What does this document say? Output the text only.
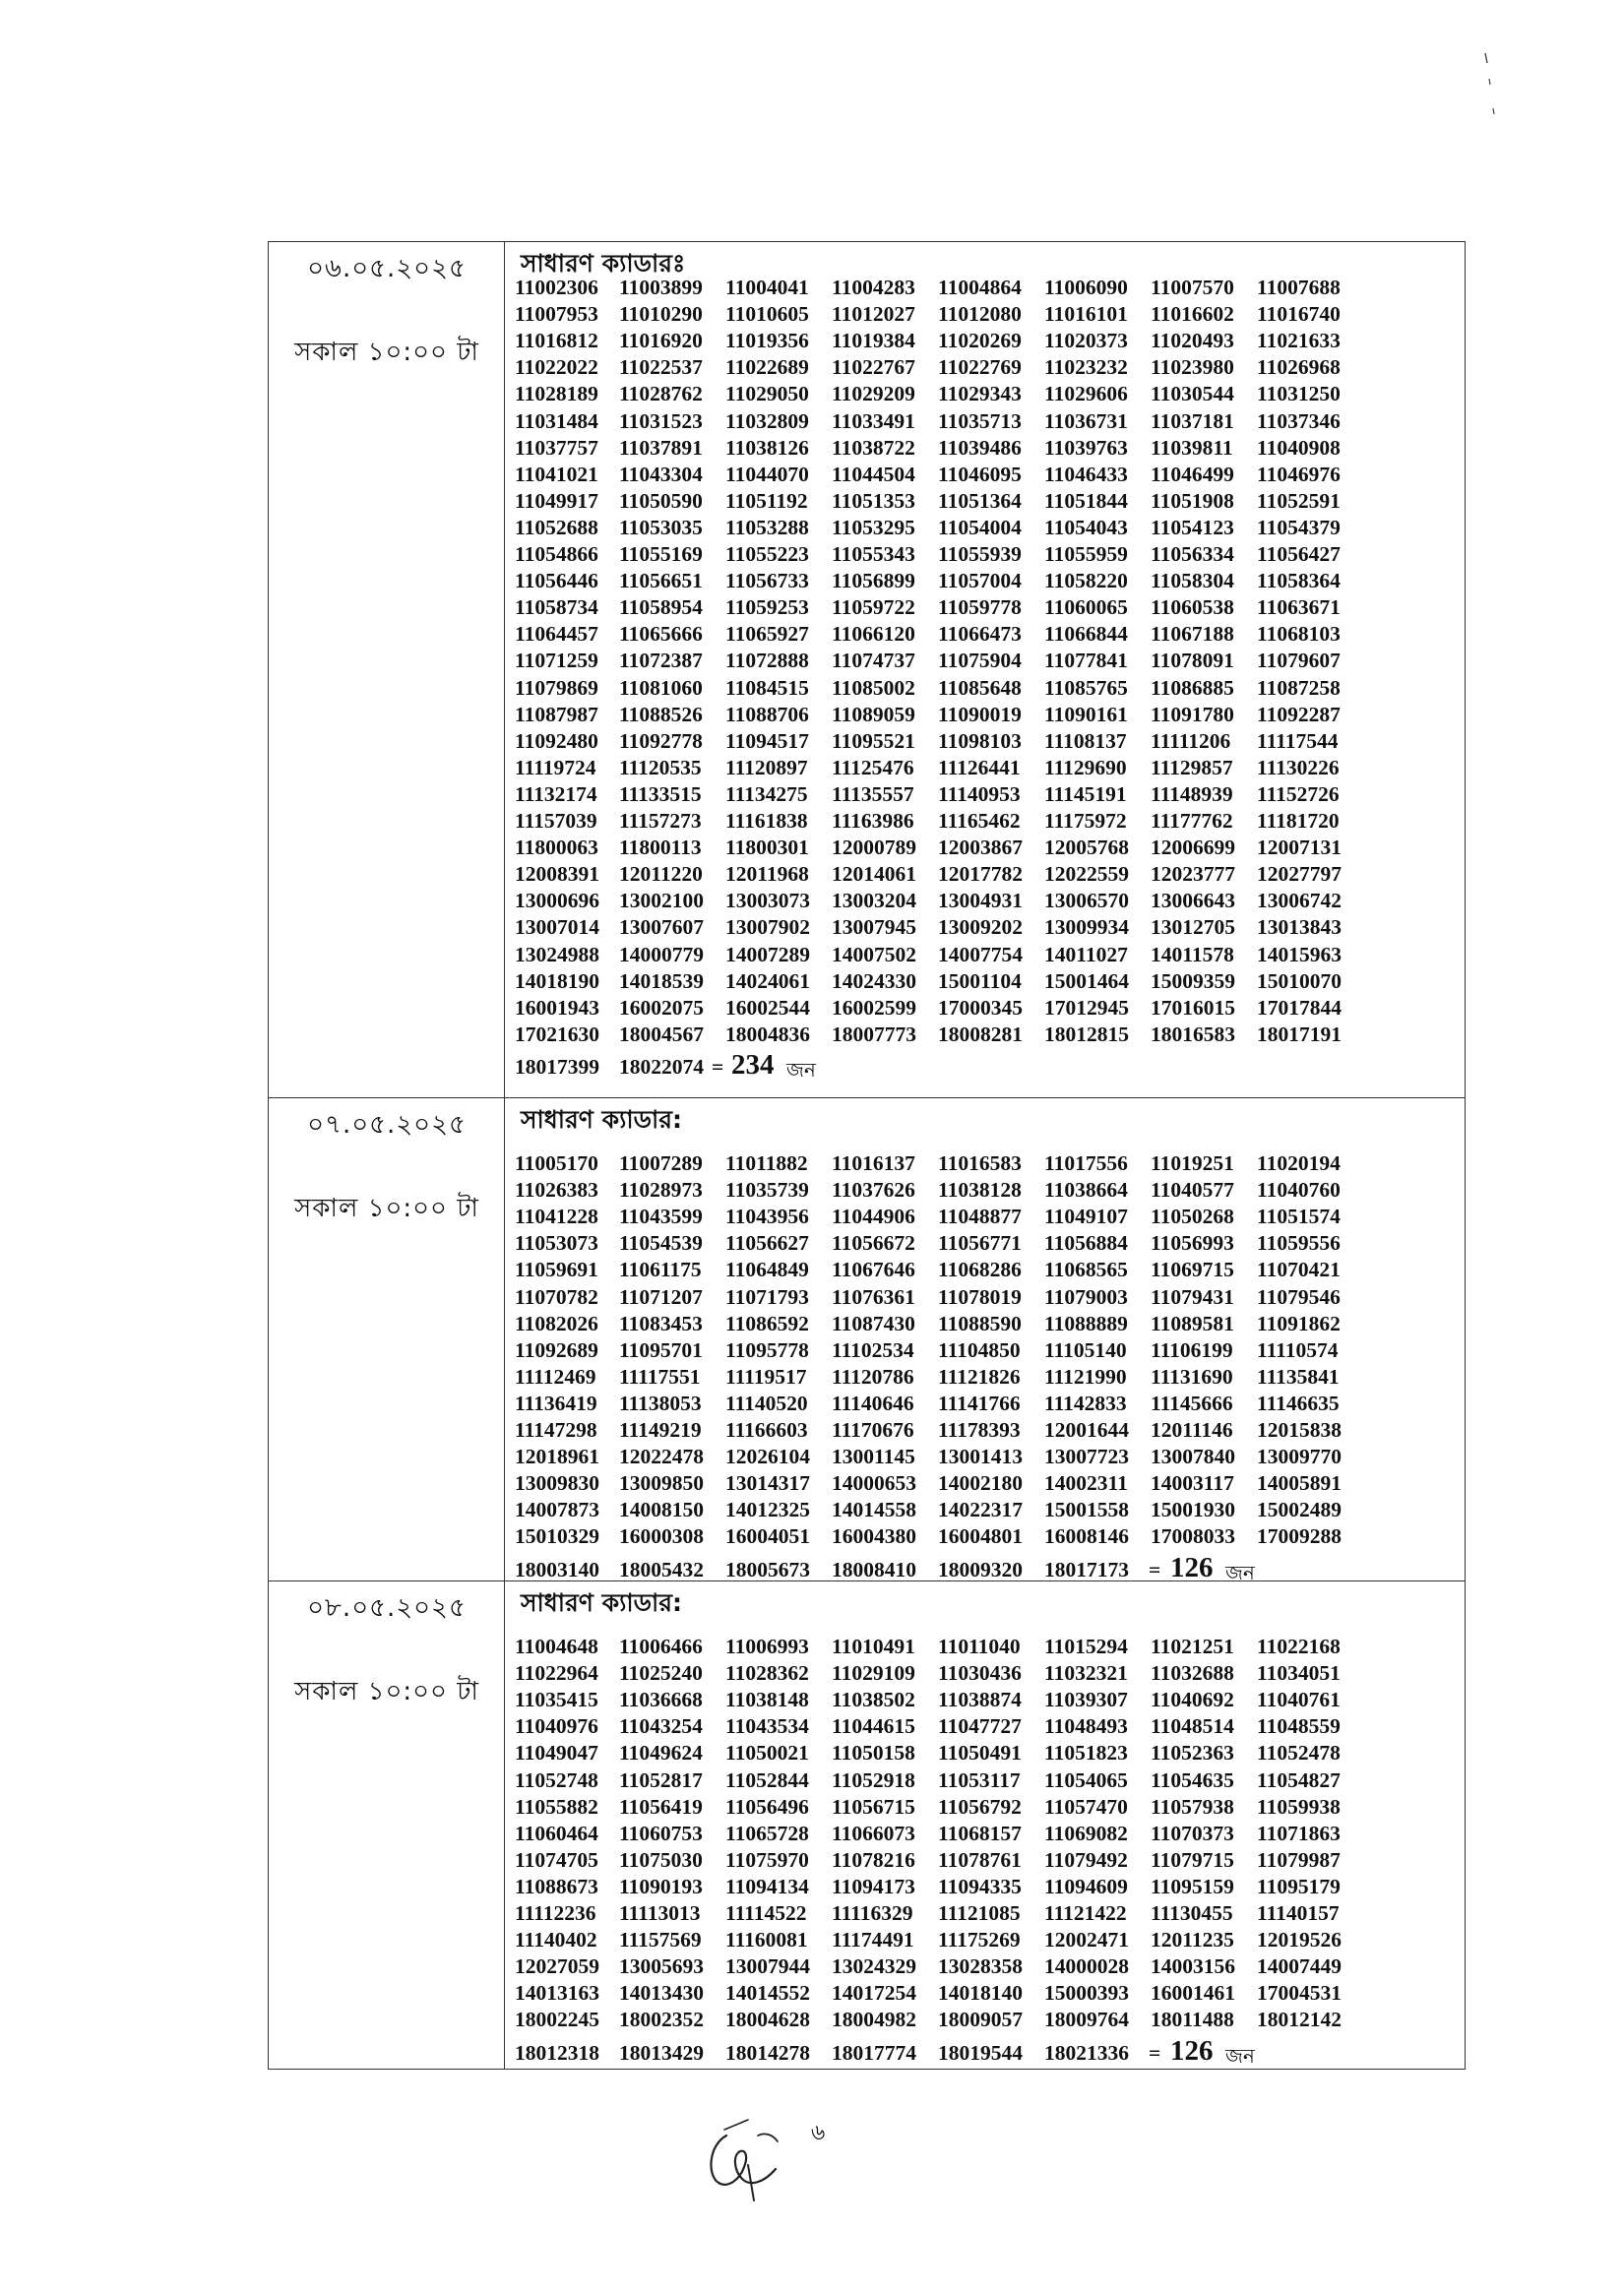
০৬.০৫.২০২৫
সকাল ১০:০০ টা
সাধারণ ক্যাডারঃ
11002306 11003899 11004041 11004283 11004864 11006090 11007570 11007688
11007953 11010290 11010605 11012027 11012080 11016101 11016602 11016740
11016812 11016920 11019356 11019384 11020269 11020373 11020493 11021633
11022022 11022537 11022689 11022767 11022769 11023232 11023980 11026968
11028189 11028762 11029050 11029209 11029343 11029606 11030544 11031250
11031484 11031523 11032809 11033491 11035713 11036731 11037181 11037346
11037757 11037891 11038126 11038722 11039486 11039763 11039811 11040908
11041021 11043304 11044070 11044504 11046095 11046433 11046499 11046976
11049917 11050590 11051192 11051353 11051364 11051844 11051908 11052591
11052688 11053035 11053288 11053295 11054004 11054043 11054123 11054379
11054866 11055169 11055223 11055343 11055939 11055959 11056334 11056427
11056446 11056651 11056733 11056899 11057004 11058220 11058304 11058364
11058734 11058954 11059253 11059722 11059778 11060065 11060538 11063671
11064457 11065666 11065927 11066120 11066473 11066844 11067188 11068103
11071259 11072387 11072888 11074737 11075904 11077841 11078091 11079607
11079869 11081060 11084515 11085002 11085648 11085765 11086885 11087258
11087987 11088526 11088706 11089059 11090019 11090161 11091780 11092287
11092480 11092778 11094517 11095521 11098103 11108137 11111206 11117544
11119724 11120535 11120897 11125476 11126441 11129690 11129857 11130226
11132174 11133515 11134275 11135557 11140953 11145191 11148939 11152726
11157039 11157273 11161838 11163986 11165462 11175972 11177762 11181720
11800063 11800113 11800301 12000789 12003867 12005768 12006699 12007131
12008391 12011220 12011968 12014061 12017782 12022559 12023777 12027797
13000696 13002100 13003073 13003204 13004931 13006570 13006643 13006742
13007014 13007607 13007902 13007945 13009202 13009934 13012705 13013843
13024988 14000779 14007289 14007502 14007754 14011027 14011578 14015963
14018190 14018539 14024061 14024330 15001104 15001464 15009359 15010070
16001943 16002075 16002544 16002599 17000345 17012945 17016015 17017844
17021630 18004567 18004836 18007773 18008281 18012815 18016583 18017191
18017399 18022074 = 234 জন
০৭.০৫.২০২৫
সকাল ১০:০০ টা
সাধারণ ক্যাডার:
11005170 11007289 11011882 11016137 11016583 11017556 11019251 11020194
11026383 11028973 11035739 11037626 11038128 11038664 11040577 11040760
11041228 11043599 11043956 11044906 11048877 11049107 11050268 11051574
11053073 11054539 11056627 11056672 11056771 11056884 11056993 11059556
11059691 11061175 11064849 11067646 11068286 11068565 11069715 11070421
11070782 11071207 11071793 11076361 11078019 11079003 11079431 11079546
11082026 11083453 11086592 11087430 11088590 11088889 11089581 11091862
11092689 11095701 11095778 11102534 11104850 11105140 11106199 11110574
11112469 11117551 11119517 11120786 11121826 11121990 11131690 11135841
11136419 11138053 11140520 11140646 11141766 11142833 11145666 11146635
11147298 11149219 11166603 11170676 11178393 12001644 12011146 12015838
12018961 12022478 12026104 13001145 13001413 13007723 13007840 13009770
13009830 13009850 13014317 14000653 14002180 14002311 14003117 14005891
14007873 14008150 14012325 14014558 14022317 15001558 15001930 15002489
15010329 16000308 16004051 16004380 16004801 16008146 17008033 17009288
18003140 18005432 18005673 18008410 18009320 18017173 = 126 জন
০৮.০৫.২০২৫
সকাল ১০:০০ টা
সাধারণ ক্যাডার:
11004648 11006466 11006993 11010491 11011040 11015294 11021251 11022168
11022964 11025240 11028362 11029109 11030436 11032321 11032688 11034051
11035415 11036668 11038148 11038502 11038874 11039307 11040692 11040761
11040976 11043254 11043534 11044615 11047727 11048493 11048514 11048559
11049047 11049624 11050021 11050158 11050491 11051823 11052363 11052478
11052748 11052817 11052844 11052918 11053117 11054065 11054635 11054827
11055882 11056419 11056496 11056715 11056792 11057470 11057938 11059938
11060464 11060753 11065728 11066073 11068157 11069082 11070373 11071863
11074705 11075030 11075970 11078216 11078761 11079492 11079715 11079987
11088673 11090193 11094134 11094173 11094335 11094609 11095159 11095179
11112236 11113013 11114522 11116329 11121085 11121422 11130455 11140157
11140402 11157569 11160081 11174491 11175269 12002471 12011235 12019526
12027059 13005693 13007944 13024329 13028358 14000028 14003156 14007449
14013163 14013430 14014552 14017254 14018140 15000393 16001461 17004531
18002245 18002352 18004628 18004982 18009057 18009764 18011488 18012142
18012318 18013429 18014278 18017774 18019544 18021336 = 126 জন
৬
